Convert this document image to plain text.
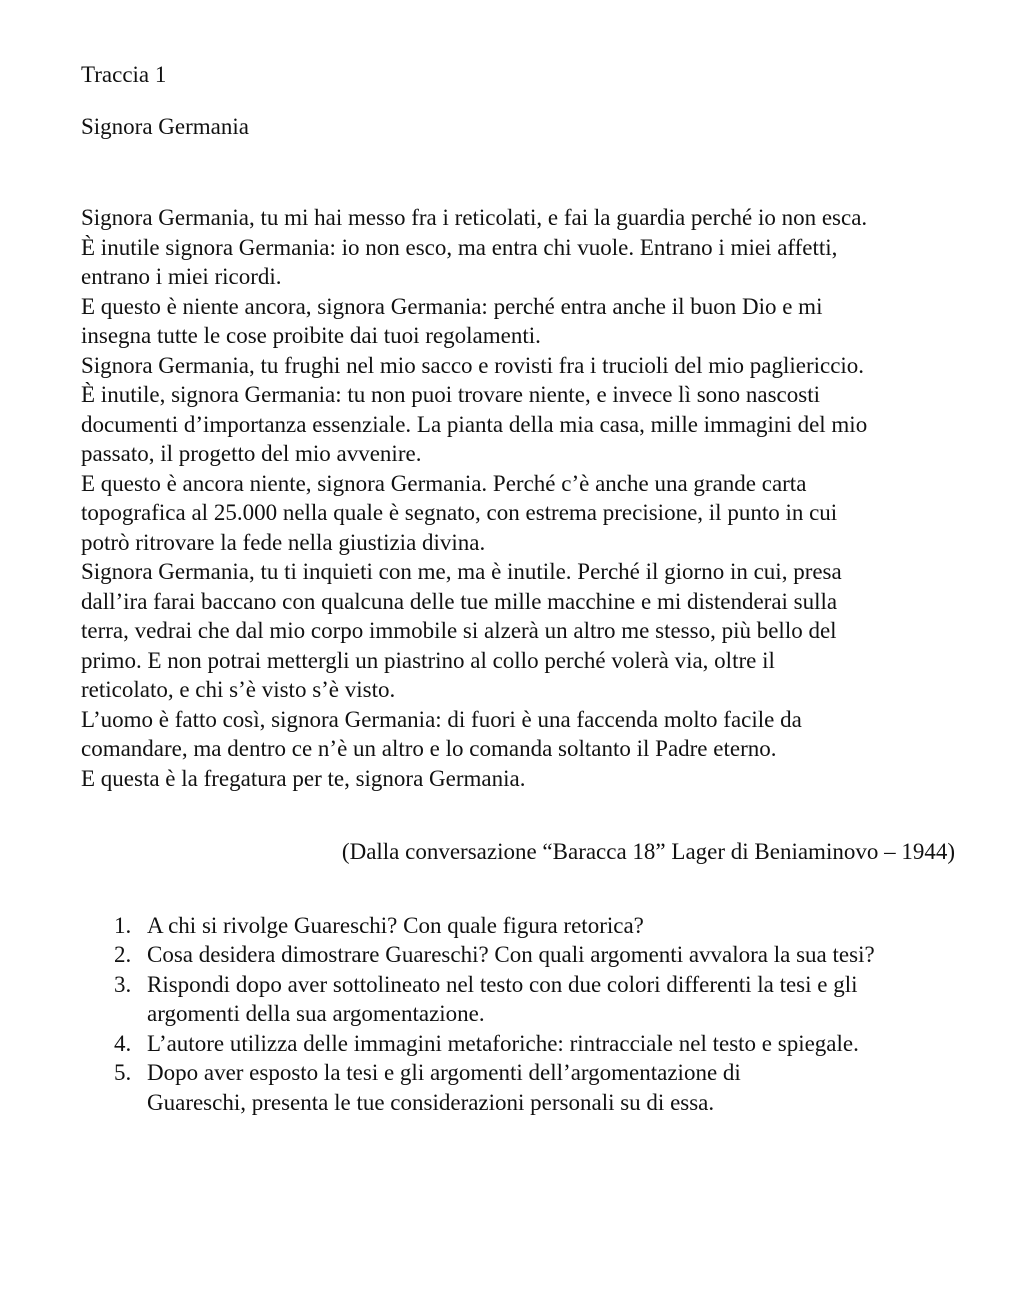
Traccia 1

Signora Germania

Signora Germania, tu mi hai messo fra i reticolati, e fai la guardia perché io non esca.

È inutile signora Germania: io non esco, ma entra chi vuole. Entrano i miei affetti,

entrano i miei ricordi.

E questo è niente ancora, signora Germania: perché entra anche il buon Dio e mi

insegna tutte le cose proibite dai tuoi regolamenti.

Signora Germania, tu frughi nel mio sacco e rovisti fra i trucioli del mio pagliericcio.

È inutile, signora Germania: tu non puoi trovare niente, e invece lì sono nascosti

documenti d’importanza essenziale. La pianta della mia casa, mille immagini del mio

passato, il progetto del mio avvenire.

E questo è ancora niente, signora Germania. Perché c’è anche una grande carta

topografica al 25.000 nella quale è segnato, con estrema precisione, il punto in cui

potrò ritrovare la fede nella giustizia divina.

Signora Germania, tu ti inquieti con me, ma è inutile. Perché il giorno in cui, presa

dall’ira farai baccano con qualcuna delle tue mille macchine e mi distenderai sulla

terra, vedrai che dal mio corpo immobile si alzerà un altro me stesso, più bello del

primo. E non potrai mettergli un piastrino al collo perché volerà via, oltre il

reticolato, e chi s’è visto s’è visto.

L’uomo è fatto così, signora Germania: di fuori è una faccenda molto facile da

comandare, ma dentro ce n’è un altro e lo comanda soltanto il Padre eterno.

E questa è la fregatura per te, signora Germania.

(Dalla conversazione “Baracca 18” Lager di Beniaminovo – 1944)

1. A chi si rivolge Guareschi? Con quale figura retorica?
2. Cosa desidera dimostrare Guareschi? Con quali argomenti avvalora la sua tesi?
3. Rispondi dopo aver sottolineato nel testo con due colori differenti la tesi e gli
argomenti della sua argomentazione.
4. L’autore utilizza delle immagini metaforiche: rintracciale nel testo e spiegale.
5. Dopo aver esposto la tesi e gli argomenti dell’argomentazione di
Guareschi, presenta le tue considerazioni personali su di essa.
